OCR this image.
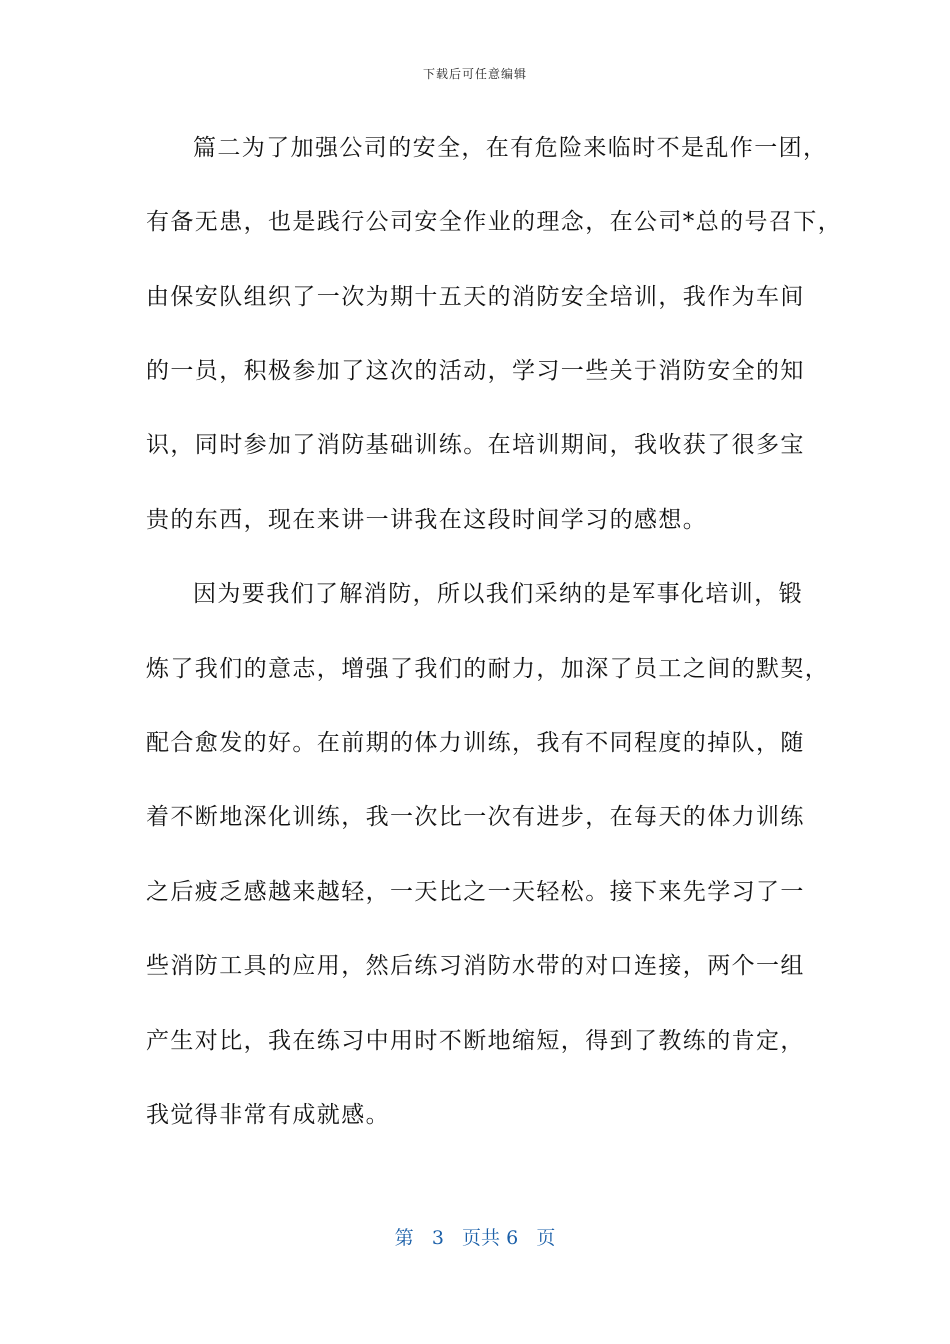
下载后可任意编辑
篇二为了加强公司的安全，在有危险来临时不是乱作一团，
有备无患，也是践行公司安全作业的理念，在公司*总的号召下，
由保安队组织了一次为期十五天的消防安全培训，我作为车间
的一员，积极参加了这次的活动，学习一些关于消防安全的知
识，同时参加了消防基础训练。在培训期间，我收获了很多宝
贵的东西，现在来讲一讲我在这段时间学习的感想。
因为要我们了解消防，所以我们采纳的是军事化培训，锻
炼了我们的意志，增强了我们的耐力，加深了员工之间的默契，
配合愈发的好。在前期的体力训练，我有不同程度的掉队，随
着不断地深化训练，我一次比一次有进步，在每天的体力训练
之后疲乏感越来越轻，一天比之一天轻松。接下来先学习了一
些消防工具的应用，然后练习消防水带的对口连接，两个一组
产生对比，我在练习中用时不断地缩短，得到了教练的肯定，
我觉得非常有成就感。
第 3 页共 6 页
